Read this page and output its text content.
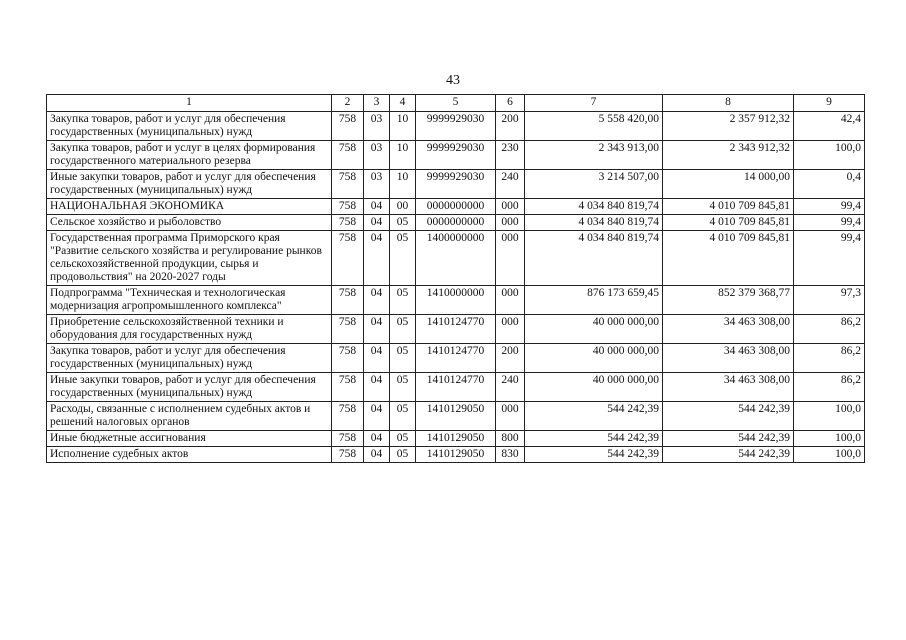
43
1	2	3	4	5	6	7	8	9
Закупка товаров, работ и услуг для обеспечения государственных (муниципальных) нужд	758	03	10	9999929030	200	5 558 420,00	2 357 912,32	42,4
Закупка товаров, работ и услуг в целях формирования государственного материального резерва	758	03	10	9999929030	230	2 343 913,00	2 343 912,32	100,0
Иные закупки товаров, работ и услуг для обеспечения государственных (муниципальных) нужд	758	03	10	9999929030	240	3 214 507,00	14 000,00	0,4
НАЦИОНАЛЬНАЯ ЭКОНОМИКА	758	04	00	0000000000	000	4 034 840 819,74	4 010 709 845,81	99,4
Сельское хозяйство и рыболовство	758	04	05	0000000000	000	4 034 840 819,74	4 010 709 845,81	99,4
Государственная программа Приморского края "Развитие сельского хозяйства и регулирование рынков сельскохозяйственной продукции, сырья и продовольствия" на 2020-2027 годы	758	04	05	1400000000	000	4 034 840 819,74	4 010 709 845,81	99,4
Подпрограмма "Техническая и технологическая модернизация агропромышленного комплекса"	758	04	05	1410000000	000	876 173 659,45	852 379 368,77	97,3
Приобретение сельскохозяйственной техники и оборудования для государственных нужд	758	04	05	1410124770	000	40 000 000,00	34 463 308,00	86,2
Закупка товаров, работ и услуг для обеспечения государственных (муниципальных) нужд	758	04	05	1410124770	200	40 000 000,00	34 463 308,00	86,2
Иные закупки товаров, работ и услуг для обеспечения государственных (муниципальных) нужд	758	04	05	1410124770	240	40 000 000,00	34 463 308,00	86,2
Расходы, связанные с исполнением судебных актов и решений налоговых органов	758	04	05	1410129050	000	544 242,39	544 242,39	100,0
Иные бюджетные ассигнования	758	04	05	1410129050	800	544 242,39	544 242,39	100,0
Исполнение судебных актов	758	04	05	1410129050	830	544 242,39	544 242,39	100,0
